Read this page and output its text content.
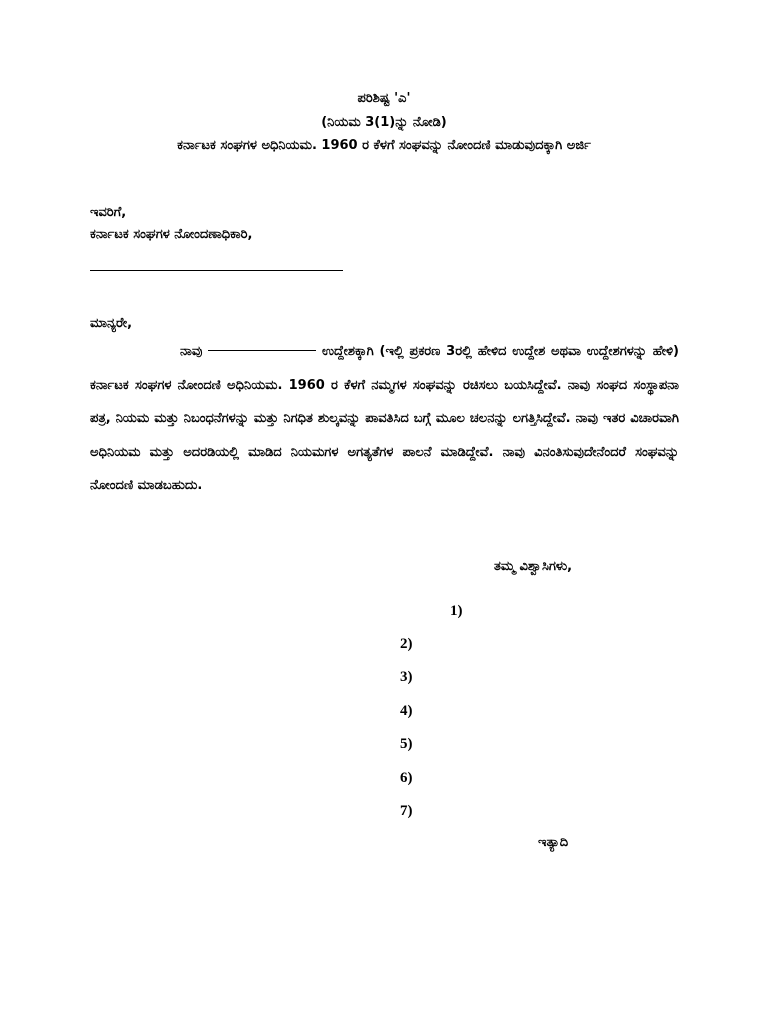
ಪರಿಶಿಷ್ಟ 'ಎ'
(ನಿಯಮ 3(1)ನ್ನು ನೋಡಿ)
ಕರ್ನಾಟಕ ಸಂಘಗಳ ಅಧಿನಿಯಮ. 1960 ರ ಕೆಳಗೆ ಸಂಘವನ್ನು ನೋಂದಣಿ ಮಾಡುವುದಕ್ಕಾಗಿ ಅರ್ಜಿ
ಇವರಿಗೆ,
ಕರ್ನಾಟಕ ಸಂಘಗಳ ನೋಂದಣಾಧಿಕಾರಿ,
ಮಾನ್ಯರೇ,
ನಾವು	ಉದ್ದೇಶಕ್ಕಾಗಿ (ಇಲ್ಲಿ ಪ್ರಕರಣ 3ರಲ್ಲಿ ಹೇಳಿದ ಉದ್ದೇಶ ಅಥವಾ ಉದ್ದೇಶಗಳನ್ನು ಹೇಳಿ) ಕರ್ನಾಟಕ ಸಂಘಗಳ ನೋಂದಣಿ ಅಧಿನಿಯಮ. 1960 ರ ಕೆಳಗೆ ನಮ್ಮಗಳ ಸಂಘವನ್ನು ರಚಿಸಲು ಬಯಸಿದ್ದೇವೆ. ನಾವು ಸಂಘದ ಸಂಸ್ಥಾಪನಾ ಪತ್ರ, ನಿಯಮ ಮತ್ತು ನಿಬಂಧನೆಗಳನ್ನು ಮತ್ತು ನಿಗಧಿತ ಶುಲ್ಕವನ್ನು ಪಾವತಿಸಿದ ಬಗ್ಗೆ ಮೂಲ ಚಲನನ್ನು ಲಗತ್ತಿಸಿದ್ದೇವೆ. ನಾವು ಇತರ ವಿಚಾರವಾಗಿ ಅಧಿನಿಯಮ ಮತ್ತು ಅದರಡಿಯಲ್ಲಿ ಮಾಡಿದ ನಿಯಮಗಳ ಅಗತ್ಯತೆಗಳ ಪಾಲನೆ ಮಾಡಿದ್ದೇವೆ. ನಾವು ವಿನಂತಿಸುವುದೇನೆಂದರೆ ಸಂಘವನ್ನು ನೋಂದಣಿ ಮಾಡಬಹುದು.
ತಮ್ಮ ವಿಶ್ವಾಸಿಗಳು,
1)
2)
3)
4)
5)
6)
7)
ಇತ್ಯಾದಿ
